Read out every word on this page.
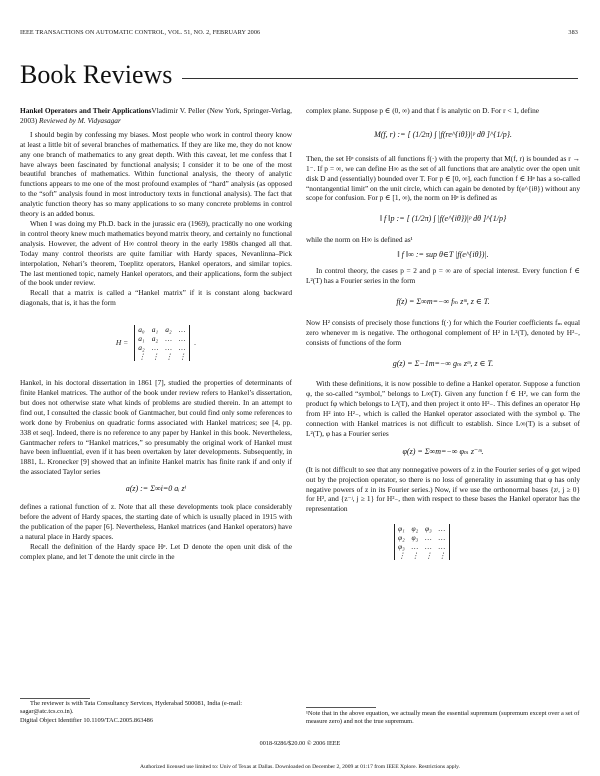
IEEE TRANSACTIONS ON AUTOMATIC CONTROL, VOL. 51, NO. 2, FEBRUARY 2006	383
Book Reviews

Hankel Operators and Their ApplicationsVladimir V. Peller (New York, Springer-Verlag, 2003) Reviewed by M. Vidyasagar

I should begin by confessing my biases. Most people who work in control theory know at least a little bit of several branches of mathematics. If they are like me, they do not know any one branch of mathematics to any great depth. With this caveat, let me confess that I have always been fascinated by functional analysis; I consider it to be one of the most beautiful branches of mathematics. Within functional analysis, the theory of analytic functions appears to me one of the most profound examples of “hard” analysis (as opposed to the “soft” analysis found in most introductory texts in functional analysis). The fact that analytic function theory has so many applications to so many concrete problems in control theory is an added bonus.

When I was doing my Ph.D. back in the jurassic era (1969), practically no one working in control theory knew much mathematics beyond matrix theory, and certainly no functional analysis. However, the advent of H∞ control theory in the early 1980s changed all that. Today many control theorists are quite familiar with Hardy spaces, Nevanlinna–Pick interpolation, Nehari’s theorem, Toeplitz operators, Hankel operators, and similar topics. The last mentioned topic, namely Hankel operators, and their applications, form the subject of the book under review.

Recall that a matrix is called a “Hankel matrix” if it is constant along backward diagonals, that is, it has the form

H =
a₀	a₁	a₂	…
a₁	a₂	…	…
a₂	…	…	…
⋮	⋮	⋮	⋮
.

Hankel, in his doctoral dissertation in 1861 [7], studied the properties of determinants of finite Hankel matrices. The author of the book under review refers to Hankel’s dissertation, but does not otherwise state what kinds of problems are studied therein. In an attempt to find out, I consulted the classic book of Gantmacher, but could find only some references to work done by Frobenius on quadratic forms associated with Hankel matrices; see [4, pp. 338 et seq]. Indeed, there is no reference to any paper by Hankel in this book. Nevertheless, Gantmacher refers to “Hankel matrices,” so presumably the original work of Hankel must have been influential, even if it has been overtaken by later developments. Subsequently, in 1881, L. Kronecker [9] showed that an infinite Hankel matrix has finite rank if and only if the associated Taylor series

a(z) := Σ∞i=0 aᵢ zⁱ

defines a rational function of z. Note that all these developments took place considerably before the advent of Hardy spaces, the starting date of which is usually placed in 1915 with the publication of the paper [6]. Nevertheless, Hankel matrices (and Hankel operators) have a natural place in Hardy spaces.

Recall the definition of the Hardy space Hᵖ. Let D denote the open unit disk of the complex plane, and let T denote the unit circle in the

The reviewer is with Tata Consultancy Services, Hyderabad 500081, India (e-mail: sagar@atc.tcs.co.in).
Digital Object Identifier 10.1109/TAC.2005.863486

complex plane. Suppose p ∈ (0, ∞) and that f is analytic on D. For r < 1, define

M(f, r) := [ (1/2π) ∫ |f(re^{iθ})|ᵖ dθ ]^{1/p}.

Then, the set Hᵖ consists of all functions f(·) with the property that M(f, r) is bounded as r → 1⁻. If p = ∞, we can define H∞ as the set of all functions that are analytic over the open unit disk D and (essentially) bounded over T. For p ∈ [0, ∞], each function f ∈ Hᵖ has a so-called “nontangential limit” on the unit circle, which can again be denoted by f(e^{iθ}) without any scope for confusion. For p ∈ [1, ∞), the norm on Hᵖ is defined as

‖ f ‖p := [ (1/2π) ∫ |f(e^{iθ})|ᵖ dθ ]^{1/p}

while the norm on H∞ is defined as¹

‖ f ‖∞ := sup θ∈T |f(e^{iθ})|.

In control theory, the cases p = 2 and p = ∞ are of special interest. Every function f ∈ L²(T) has a Fourier series in the form

f(z) = Σ∞m=−∞ fₘ zᵐ, z ∈ T.

Now H² consists of precisely those functions f(·) for which the Fourier coefficients fₘ equal zero whenever m is negative. The orthogonal complement of H² in L²(T), denoted by H²₋, consists of functions of the form

g(z) = Σ−1m=−∞ gₘ zᵐ, z ∈ T.

With these definitions, it is now possible to define a Hankel operator. Suppose a function φ, the so-called “symbol,” belongs to L∞(T). Given any function f ∈ H², we can form the product fφ which belongs to L²(T), and then project it onto H²₋. This defines an operator Hφ from H² into H²₋, which is called the Hankel operator associated with the symbol φ. The connection with Hankel matrices is not difficult to establish. Since L∞(T) is a subset of L²(T), φ has a Fourier series

φ(z) = Σ∞m=−∞ φₘ z⁻ᵐ.

(It is not difficult to see that any nonnegative powers of z in the Fourier series of φ get wiped out by the projection operator, so there is no loss of generality in assuming that φ has only negative powers of z in its Fourier series.) Now, if we use the orthonormal bases {zʲ, j ≥ 0} for H², and {z⁻ʲ, j ≥ 1} for H²₋, then with respect to these bases the Hankel operator has the representation

φ₁	φ₂	φ₃	…
φ₂	φ₃	…	…
φ₃	…	…	…
⋮	⋮	⋮	⋮
¹Note that in the above equation, we actually mean the essential supremum (supremum except over a set of measure zero) and not the true supremum.
0018-9286/$20.00 © 2006 IEEE
Authorized licensed use limited to: Univ of Texas at Dallas. Downloaded on December 2, 2009 at 01:17 from IEEE Xplore. Restrictions apply.
